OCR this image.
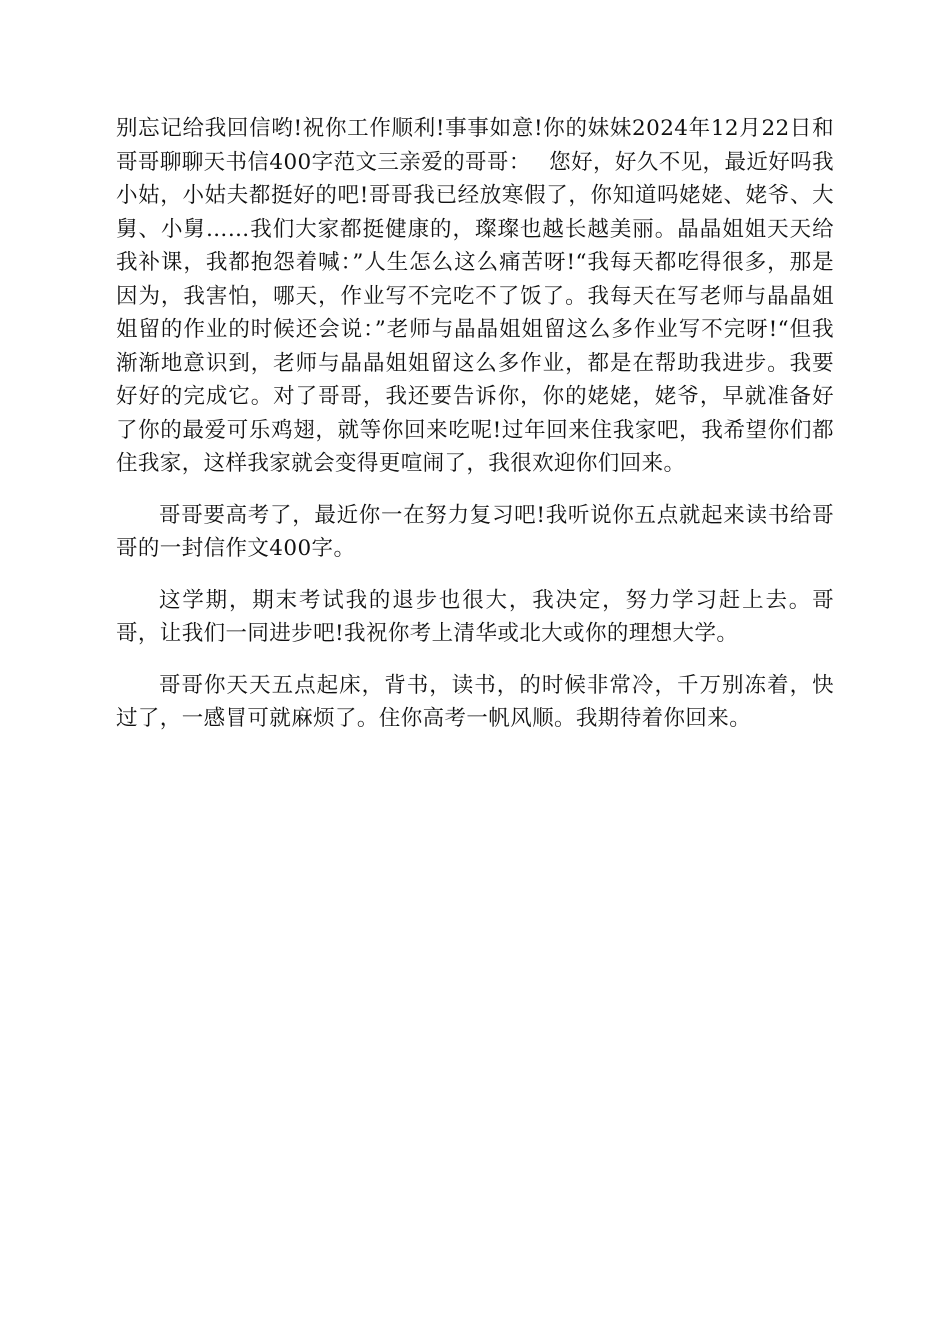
别忘记给我回信哟!祝你工作顺利!事事如意!你的妹妹2024年12月22日和哥哥聊聊天书信400字范文三亲爱的哥哥：　 您好，好久不见，最近好吗我小姑，小姑夫都挺好的吧!哥哥我已经放寒假了，你知道吗姥姥、姥爷、大舅、小舅……我们大家都挺健康的，璨璨也越长越美丽。晶晶姐姐天天给我补课，我都抱怨着喊：”人生怎么这么痛苦呀!“我每天都吃得很多，那是因为，我害怕，哪天，作业写不完吃不了饭了。我每天在写老师与晶晶姐姐留的作业的时候还会说：”老师与晶晶姐姐留这么多作业写不完呀!“但我渐渐地意识到，老师与晶晶姐姐留这么多作业，都是在帮助我进步。我要好好的完成它。对了哥哥，我还要告诉你，你的姥姥，姥爷，早就准备好了你的最爱可乐鸡翅，就等你回来吃呢!过年回来住我家吧，我希望你们都住我家，这样我家就会变得更喧闹了，我很欢迎你们回来。

哥哥要高考了，最近你一在努力复习吧!我听说你五点就起来读书给哥哥的一封信作文400字。

这学期，期末考试我的退步也很大，我决定，努力学习赶上去。哥哥，让我们一同进步吧!我祝你考上清华或北大或你的理想大学。

哥哥你天天五点起床，背书，读书，的时候非常冷，千万别冻着，快过了，一感冒可就麻烦了。住你高考一帆风顺。我期待着你回来。
